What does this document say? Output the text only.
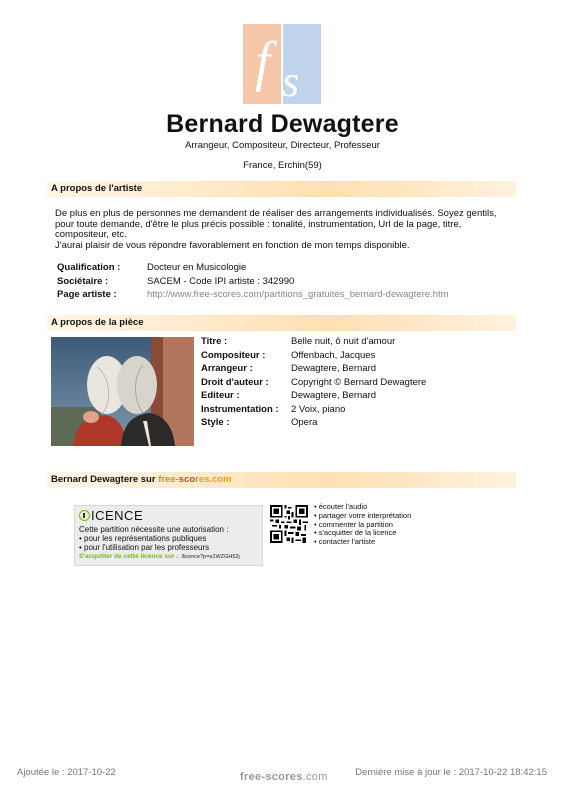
f s
Bernard Dewagtere
Arrangeur, Compositeur, Directeur, Professeur
France, Erchin(59)
A propos de l'artiste

De plus en plus de personnes me demandent de réaliser des arrangements individualisés. Soyez gentils, pour toute demande, d'être le plus précis possible : tonalité, instrumentation, Url de la page, titre, compositeur, etc.

J'aurai plaisir de vous répondre favorablement en fonction de mon temps disponible.

Qualification :	Docteur en Musicologie
Sociétaire :	SACEM - Code IPI artiste : 342990
Page artiste :	http://www.free-scores.com/partitions_gratuites_bernard-dewagtere.htm
A propos de la pièce
Titre :	Belle nuit, ô nuit d'amour
Compositeur :	Offenbach, Jacques
Arrangeur :	Dewagtere, Bernard
Droit d'auteur :	Copyright © Bernard Dewagtere
Editeur :	Dewagtere, Bernard
Instrumentation :	2 Voix, piano
Style :	Opera
Bernard Dewagtere sur free-scores.com
ICENCE
Cette partition nécessite une autorisation :
• pour les représentations publiques
• pour l'utilisation par les professeurs
S'acquitter de cette licence sur : /licence?p=a1WZGH52j
• écouter l'audio
• partager votre interprétation
• commenter la partition
• s'acquitter de la licence
• contacter l'artiste
Ajoutée le : 2017-10-22	free-scores.com	Dernière mise à jour le : 2017-10-22 18:42:15
